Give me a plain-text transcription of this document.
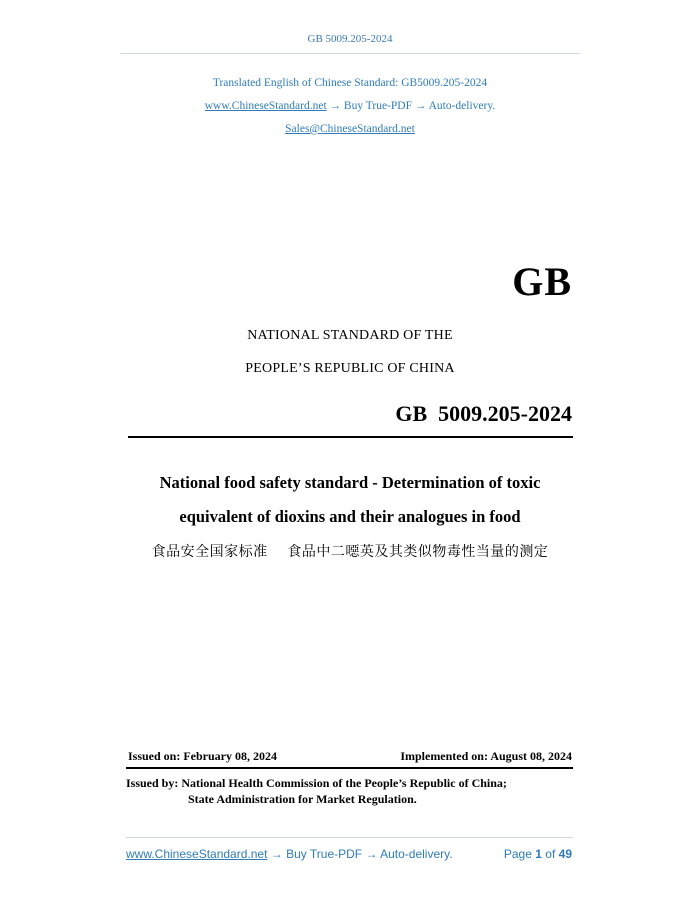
GB 5009.205-2024
Translated English of Chinese Standard: GB5009.205-2024
www.ChineseStandard.net → Buy True-PDF → Auto-delivery.
Sales@ChineseStandard.net
GB
NATIONAL STANDARD OF THE
PEOPLE’S REPUBLIC OF CHINA
GB  5009.205-2024
National food safety standard - Determination of toxic
equivalent of dioxins and their analogues in food
食品安全国家标准    食品中二噁英及其类似物毒性当量的测定
Issued on: February 08, 2024	Implemented on: August 08, 2024
Issued by: National Health Commission of the People’s Republic of China;
State Administration for Market Regulation.
www.ChineseStandard.net → Buy True-PDF → Auto-delivery.	Page 1 of 49
